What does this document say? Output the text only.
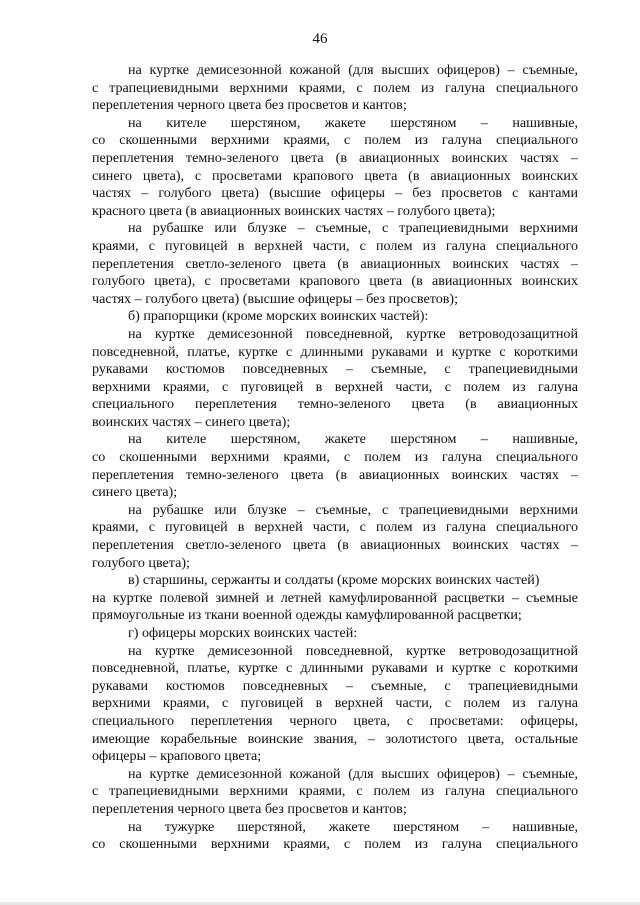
46
на куртке демисезонной кожаной (для высших офицеров) – съемные,
с трапециевидными верхними краями, с полем из галуна специального
переплетения черного цвета без просветов и кантов;
на кителе шерстяном, жакете шерстяном – нашивные,
со скошенными верхними краями, с полем из галуна специального
переплетения темно-зеленого цвета (в авиационных воинских частях –
синего цвета), с просветами крапового цвета (в авиационных воинских
частях – голубого цвета) (высшие офицеры – без просветов с кантами
красного цвета (в авиационных воинских частях – голубого цвета);
на рубашке или блузке – съемные, с трапециевидными верхними
краями, с пуговицей в верхней части, с полем из галуна специального
переплетения светло-зеленого цвета (в авиационных воинских частях –
голубого цвета), с просветами крапового цвета (в авиационных воинских
частях – голубого цвета) (высшие офицеры – без просветов);
б) прапорщики (кроме морских воинских частей):
на куртке демисезонной повседневной, куртке ветроводозащитной
повседневной, платье, куртке с длинными рукавами и куртке с короткими
рукавами костюмов повседневных – съемные, с трапециевидными
верхними краями, с пуговицей в верхней части, с полем из галуна
специального переплетения темно-зеленого цвета (в авиационных
воинских частях – синего цвета);
на кителе шерстяном, жакете шерстяном – нашивные,
со скошенными верхними краями, с полем из галуна специального
переплетения темно-зеленого цвета (в авиационных воинских частях –
синего цвета);
на рубашке или блузке – съемные, с трапециевидными верхними
краями, с пуговицей в верхней части, с полем из галуна специального
переплетения светло-зеленого цвета (в авиационных воинских частях –
голубого цвета);
в) старшины, сержанты и солдаты (кроме морских воинских частей)
на куртке полевой зимней и летней камуфлированной расцветки – съемные
прямоугольные из ткани военной одежды камуфлированной расцветки;
г) офицеры морских воинских частей:
на куртке демисезонной повседневной, куртке ветроводозащитной
повседневной, платье, куртке с длинными рукавами и куртке с короткими
рукавами костюмов повседневных – съемные, с трапециевидными
верхними краями, с пуговицей в верхней части, с полем из галуна
специального переплетения черного цвета, с просветами: офицеры,
имеющие корабельные воинские звания, – золотистого цвета, остальные
офицеры – крапового цвета;
на куртке демисезонной кожаной (для высших офицеров) – съемные,
с трапециевидными верхними краями, с полем из галуна специального
переплетения черного цвета без просветов и кантов;
на тужурке шерстяной, жакете шерстяном – нашивные,
со скошенными верхними краями, с полем из галуна специального
